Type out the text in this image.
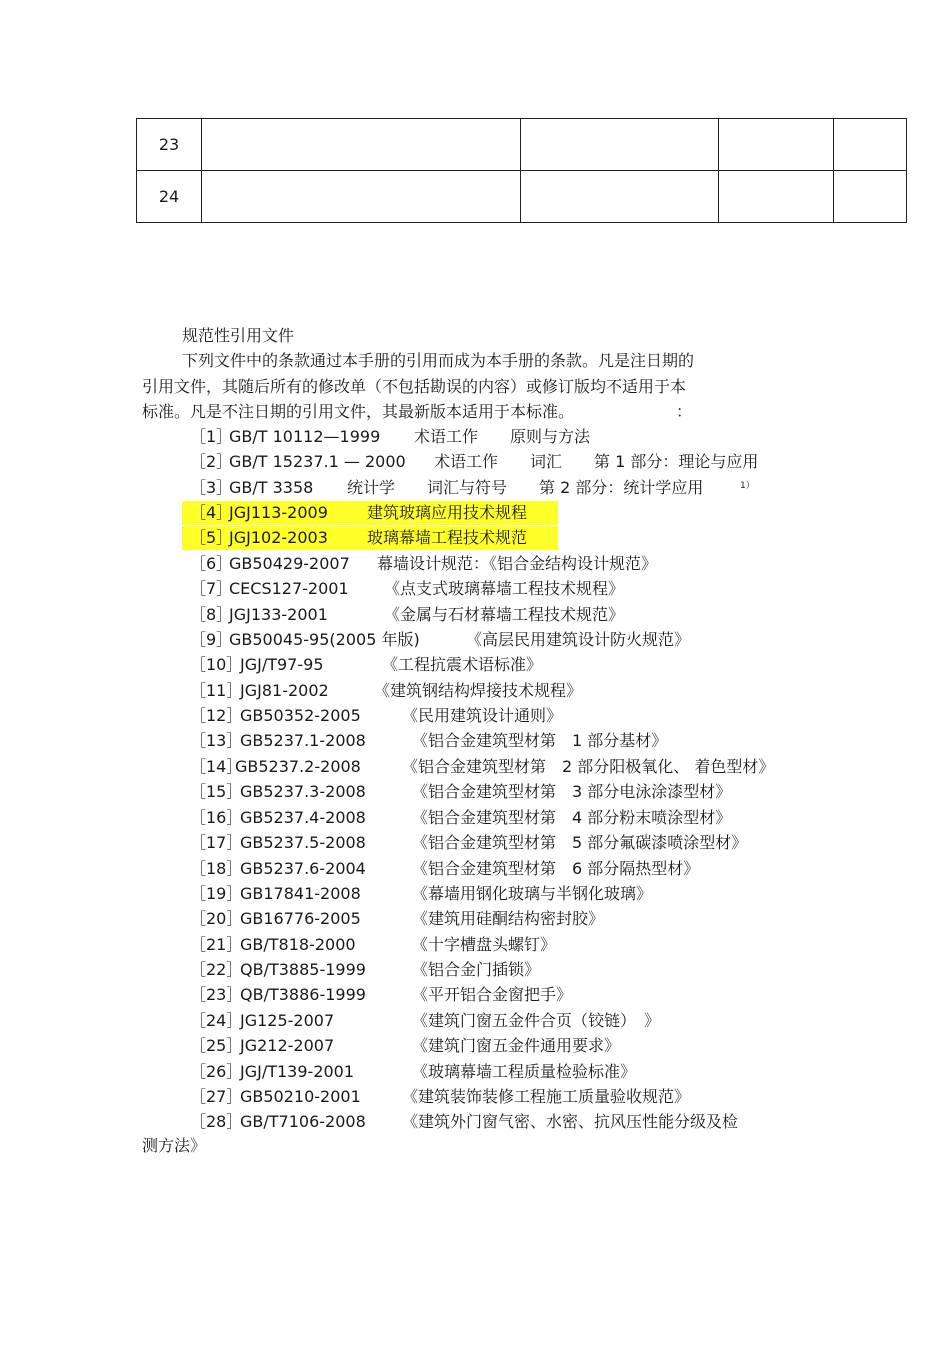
23				
24				
规范性引用文件
下列文件中的条款通过本手册的引用而成为本手册的条款。凡是注日期的
引用文件，其随后所有的修改单（不包括勘误的内容）或修订版均不适用于本
标准。凡是不注日期的引用文件，其最新版本适用于本标准。	：
［1］
GB/T 10112—1999 术语工作　　原则与方法
［2］
GB/T 15237.1 — 2000 术语工作　　词汇　　第 1 部分：理论与应用
［3］
GB/T 3358 统计学　　词汇与符号　　第 2 部分：统计学应用
［4］
JGJ113-2009 建筑玻璃应用技术规程
［5］
JGJ102-2003 玻璃幕墙工程技术规范
［6］
GB50429-2007 幕墙设计规范：《铝合金结构设计规范》
［7］
CECS127-2001 《点支式玻璃幕墙工程技术规程》
［8］
JGJ133-2001	《金属与石材幕墙工程技术规范》
［9］
GB50045-95(2005 年版)	《高层民用建筑设计防火规范》
［10］
JGJ/T97-95	《工程抗震术语标准》
［11］
JGJ81-2002	《建筑钢结构焊接技术规程》
［12］
GB50352-2005	《民用建筑设计通则》
［13］
GB5237.1-2008	《铝合金建筑型材第　1 部分基材》
［14］
GB5237.2-2008	《铝合金建筑型材第　2 部分阳极氧化、 着色型材》
［15］
GB5237.3-2008	《铝合金建筑型材第　3 部分电泳涂漆型材》
［16］
GB5237.4-2008	《铝合金建筑型材第　4 部分粉末喷涂型材》
［17］
GB5237.5-2008	《铝合金建筑型材第　5 部分氟碳漆喷涂型材》
［18］
GB5237.6-2004	《铝合金建筑型材第　6 部分隔热型材》
［19］
GB17841-2008	《幕墙用钢化玻璃与半钢化玻璃》
［20］
GB16776-2005	《建筑用硅酮结构密封胶》
［21］
GB/T818-2000	《十字槽盘头螺钉》
［22］
QB/T3885-1999	《铝合金门插锁》
［23］
QB/T3886-1999	《平开铝合金窗把手》
［24］
JG125-2007	《建筑门窗五金件合页（铰链）　》
［25］
JG212-2007	《建筑门窗五金件通用要求》
［26］
JGJ/T139-2001	《玻璃幕墙工程质量检验标准》
［27］
GB50210-2001	《建筑装饰装修工程施工质量验收规范》
［28］
GB/T7106-2008 《建筑外门窗气密、水密、抗风压性能分级及检
1）
测方法》
